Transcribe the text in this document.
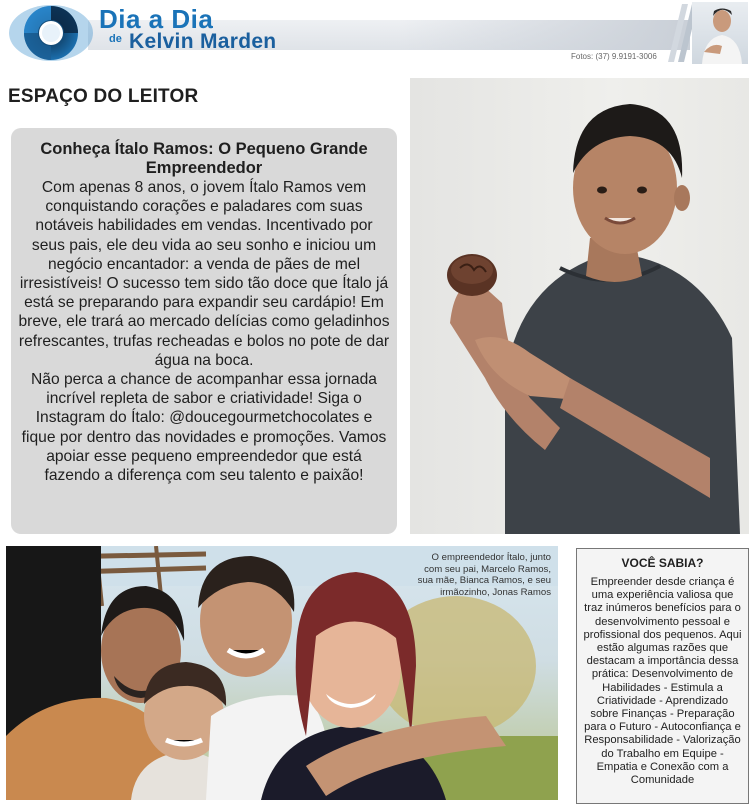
Dia a Dia
de Kelvin Marden
Fotos: (37) 9.9191-3006
ESPAÇO DO LEITOR
Conheça Ítalo Ramos: O Pequeno Grande Empreendedor

Com apenas 8 anos, o jovem Ítalo Ramos vem conquistando corações e paladares com suas notáveis habilidades em vendas. Incentivado por seus pais, ele deu vida ao seu sonho e iniciou um negócio encantador: a venda de pães de mel irresistíveis! O sucesso tem sido tão doce que Ítalo já está se preparando para expandir seu cardápio! Em breve, ele trará ao mercado delícias como geladinhos refrescantes, trufas recheadas e bolos no pote de dar água na boca.

Não perca a chance de acompanhar essa jornada incrível repleta de sabor e criatividade! Siga o Instagram do Ítalo: @doucegourmetchocolates e fique por dentro das novidades e promoções. Vamos apoiar esse pequeno empreendedor que está fazendo a diferença com seu talento e paixão!

O empreendedor Ítalo, junto com seu pai, Marcelo Ramos, sua mãe, Bianca Ramos, e seu irmãozinho, Jonas Ramos
VOCÊ SABIA?
Empreender desde criança é uma experiência valiosa que traz inúmeros benefícios para o desenvolvimento pessoal e profissional dos pequenos. Aqui estão algumas razões que destacam a importância dessa prática: Desenvolvimento de Habilidades - Estimula a Criatividade - Aprendizado sobre Finanças - Preparação para o Futuro - Autoconfiança e Responsabilidade - Valorização do Trabalho em Equipe - Empatia e Conexão com a Comunidade
